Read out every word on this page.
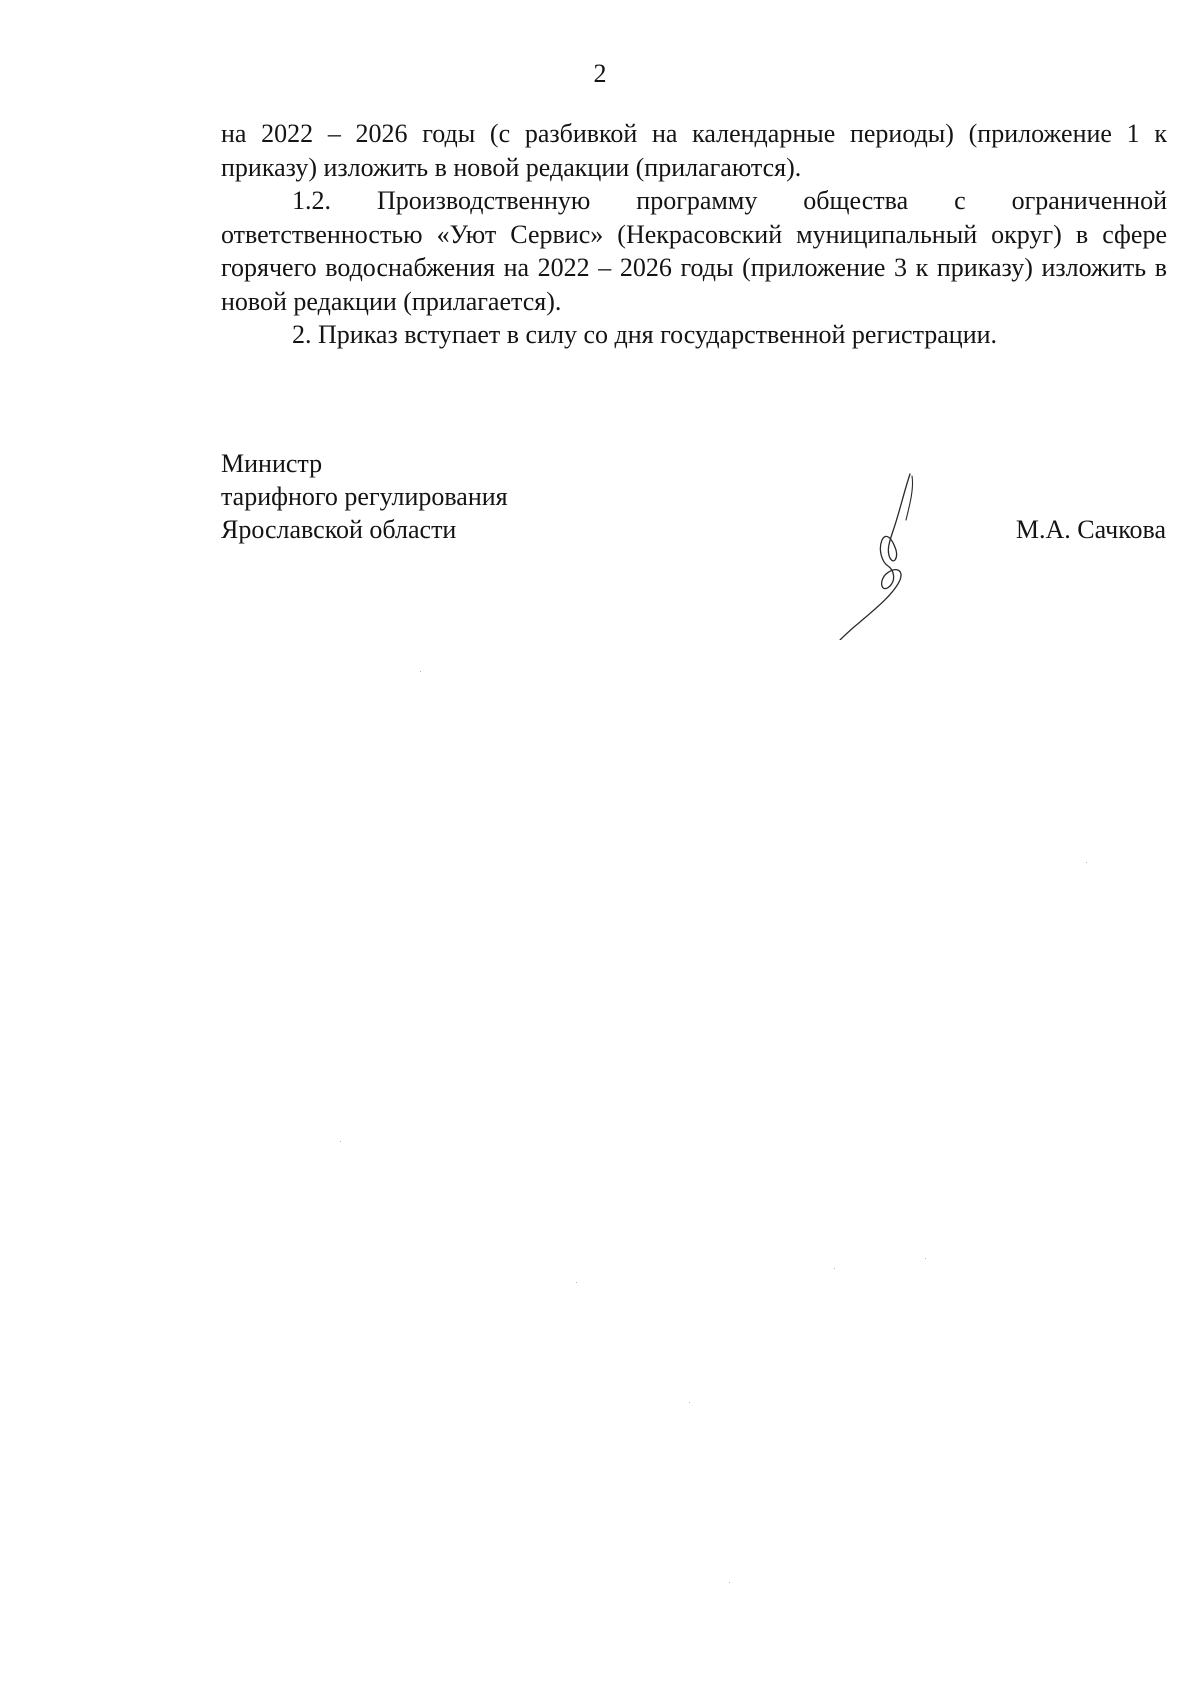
2

на 2022 – 2026 годы (с разбивкой на календарные периоды) (приложение 1 к приказу) изложить в новой редакции (прилагаются).

1.2. Производственную программу общества с ограниченной ответственностью «Уют Сервис» (Некрасовский муниципальный округ) в сфере горячего водоснабжения на 2022 – 2026 годы (приложение 3 к приказу) изложить в новой редакции (прилагается).

2. Приказ вступает в силу со дня государственной регистрации.

Министр
тарифного регулирования
Ярославской области	М.А. Сачкова
